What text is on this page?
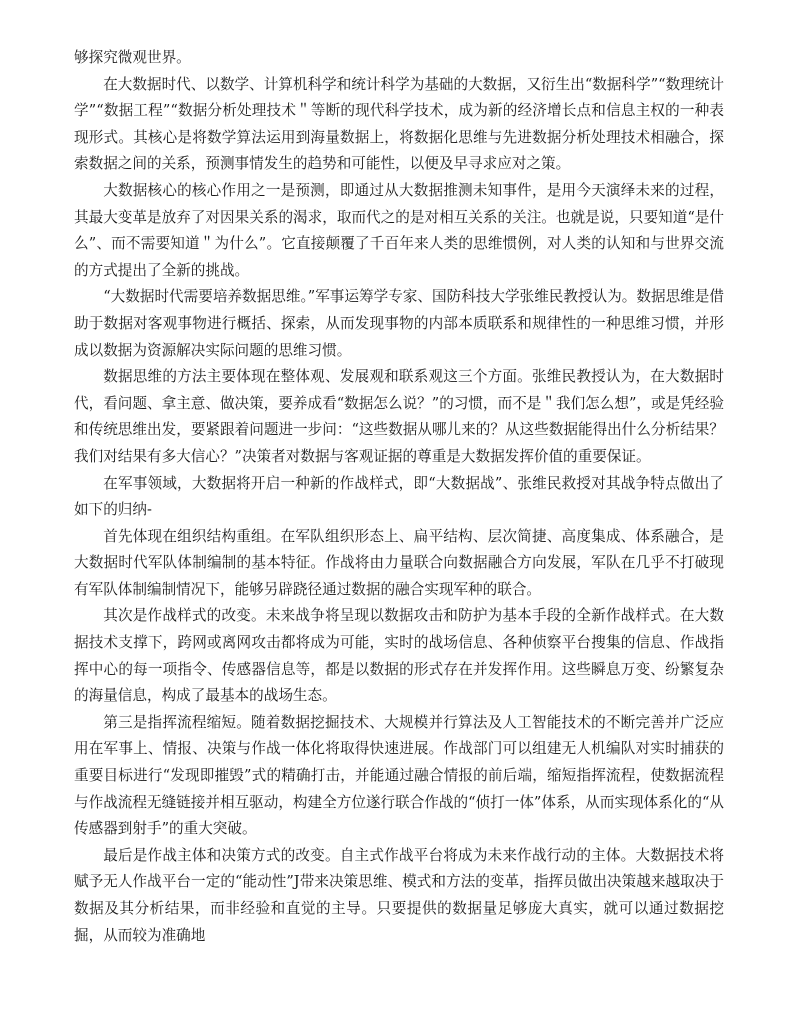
够探究微观世界。

在大数据时代、以数学、计算机科学和统计科学为基础的大数据，又衍生出“数据科学”“数理统计学”“数据工程”“数据分析处理技术＂等断的现代科学技术，成为新的经济增长点和信息主权的一种表现形式。其核心是将数学算法运用到海量数据上，将数据化思维与先进数据分析处理技术相融合，探索数据之间的关系，预测事情发生的趋势和可能性，以便及早寻求应对之策。

大数据核心的核心作用之一是预测，即通过从大数据推测未知事件，是用今天演绎未来的过程，其最大变革是放弃了对因果关系的渴求，取而代之的是对相互关系的关注。也就是说，只要知道“是什么”、而不需要知道＂为什么”。它直接颠覆了千百年来人类的思维惯例，对人类的认知和与世界交流的方式提出了全新的挑战。

“大数据时代需要培养数据思维。”军事运筹学专家、国防科技大学张维民教授认为。数据思维是借助于数据对客观事物进行概括、探索，从而发现事物的内部本质联系和规律性的一种思维习惯，并形成以数据为资源解决实际问题的思维习惯。

数据思维的方法主要体现在整体观、发展观和联系观这三个方面。张维民教授认为，在大数据时代，看问题、拿主意、做决策，要养成看“数据怎么说？”的习惯，而不是＂我们怎么想”，或是凭经验和传统思维出发，要紧跟着问题进一步问：“这些数据从哪儿来的？从这些数据能得出什么分析结果？我们对结果有多大信心？”决策者对数据与客观证据的尊重是大数据发挥价值的重要保证。

在军事领域，大数据将开启一种新的作战样式，即“大数据战”、张维民救授对其战争特点做出了如下的归纳-

首先体现在组织结构重组。在军队组织形态上、扁平结构、层次简捷、高度集成、体系融合，是大数据时代军队体制编制的基本特征。作战将由力量联合向数据融合方向发展，军队在几乎不打破现有军队体制编制情况下，能够另辟跷径通过数据的融合实现军种的联合。

其次是作战样式的改变。未来战争将呈现以数据攻击和防护为基本手段的全新作战样式。在大数据技术支撑下，跨网或离网攻击都将成为可能，实时的战场信息、各种侦察平台搜集的信息、作战指挥中心的每一项指令、传感器信息等，都是以数据的形式存在并发挥作用。这些瞬息万变、纷繁复杂的海量信息，构成了最基本的战场生态。

第三是指挥流程缩短。随着数据挖掘技术、大规模并行算法及人工智能技术的不断完善并广泛应用在军事上、情报、决策与作战一体化将取得快速进展。作战部门可以组建无人机编队对实时捕获的重要目标进行“发现即摧毁”式的精确打击，并能通过融合情报的前后端，缩短指挥流程，使数据流程与作战流程无缝链接并相互驱动，构建全方位遂行联合作战的“侦打一体”体系，从而实现体系化的“从传感器到射手”的重大突破。

最后是作战主体和决策方式的改变。自主式作战平台将成为未来作战行动的主体。大数据技术将赋予无人作战平台一定的“能动性”J带来决策思维、模式和方法的变革，指挥员做出决策越来越取决于数据及其分析结果，而非经验和直觉的主导。只要提供的数据量足够庞大真实，就可以通过数据挖掘，从而较为准确地
